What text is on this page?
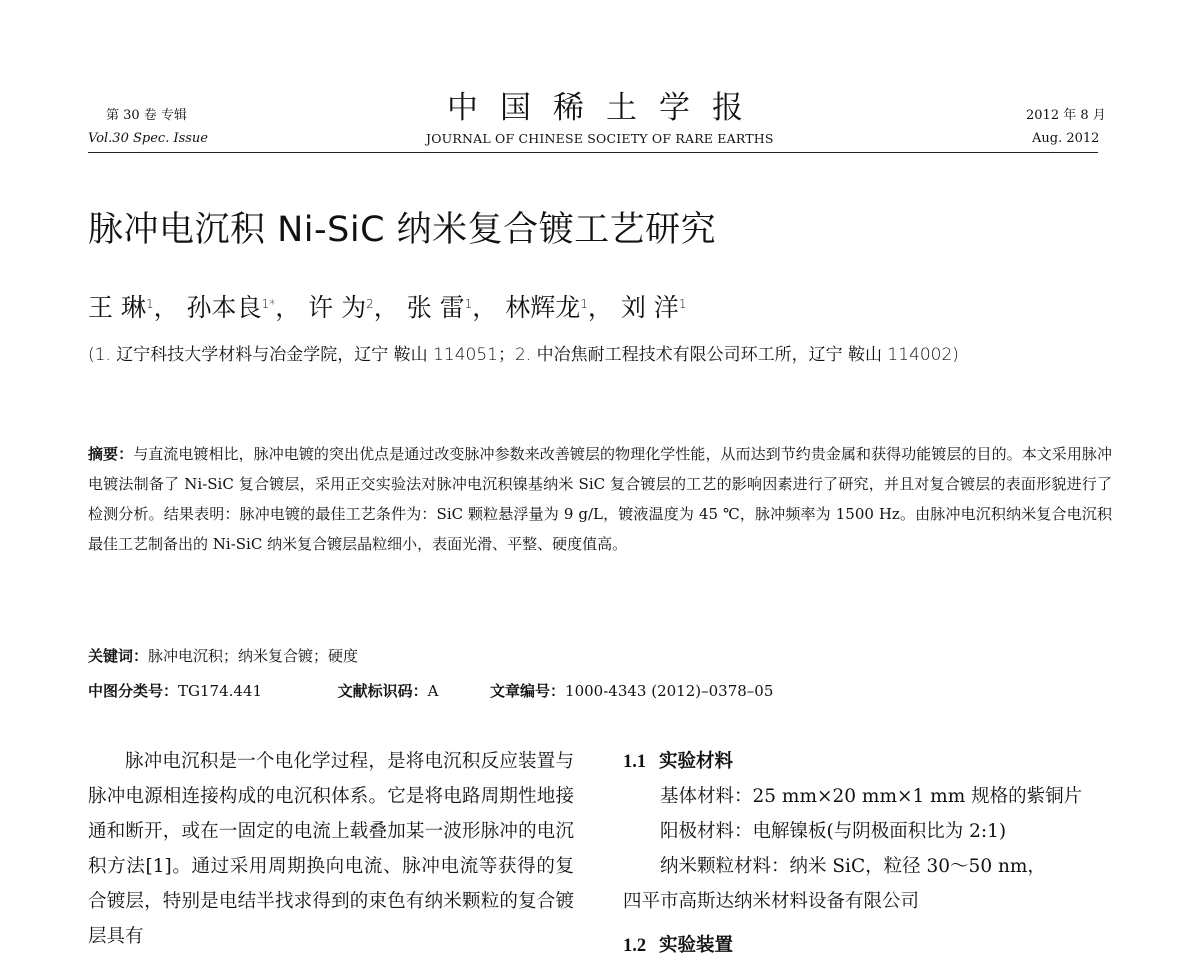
第 30 卷 专辑
Vol.30 Spec. Issue
中国稀土学报
JOURNAL OF CHINESE SOCIETY OF RARE EARTHS
2012 年 8 月
Aug. 2012
脉冲电沉积 Ni-SiC 纳米复合镀工艺研究
王 琳$^1$， 孙本良$^{1*}$， 许 为$^2$， 张 雷$^1$， 林辉龙$^1$， 刘 洋$^1$
(1. 辽宁科技大学材料与冶金学院，辽宁 鞍山 114051；2. 中冶焦耐工程技术有限公司环工所，辽宁 鞍山 114002)
摘要：与直流电镀相比，脉冲电镀的突出优点是通过改变脉冲参数来改善镀层的物理化学性能，从而达到节约贵金属和获得功能镀层的目的。本文采用脉冲电镀法制备了 Ni-SiC 复合镀层，采用正交实验法对脉冲电沉积镍基纳米 SiC 复合镀层的工艺的影响因素进行了研究，并且对复合镀层的表面形貌进行了检测分析。结果表明：脉冲电镀的最佳工艺条件为：SiC 颗粒悬浮量为 9 g/L，镀液温度为 45 ℃，脉冲频率为 1500 Hz。由脉冲电沉积纳米复合电沉积最佳工艺制备出的 Ni-SiC 纳米复合镀层晶粒细小，表面光滑、平整、硬度值高。
关键词：脉冲电沉积；纳米复合镀；硬度
中图分类号：TG174.441	文献标识码：A	文章编号：1000-4343 (2012)–0378–05
脉冲电沉积是一个电化学过程，是将电沉积反应装置与脉冲电源相连接构成的电沉积体系。它是将电路周期性地接通和断开，或在一固定的电流上载叠加某一波形脉冲的电沉积方法[1]。通过采用周期换向电流、脉冲电流等获得的复合镀层，特别是电结半找求得到的束色有纳米颗粒的复合镀层具有
1.1 实验材料
基体材料：25 mm×20 mm×1 mm 规格的紫铜片
阳极材料：电解镍板(与阴极面积比为 2:1)
纳米颗粒材料：纳米 SiC，粒径 30～50 nm，
四平市高斯达纳米材料设备有限公司
1.2 实验装置
